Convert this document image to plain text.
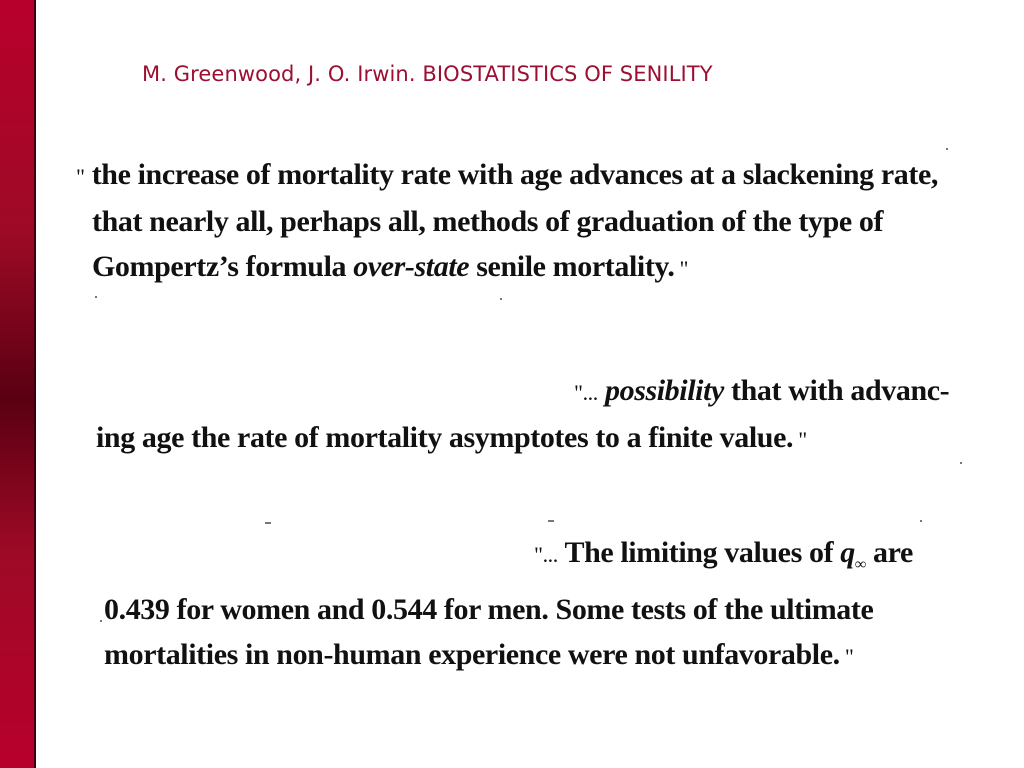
M. Greenwood, J. O. Irwin. BIOSTATISTICS OF SENILITY
" the increase of mortality rate with age advances at a slackening rate,
that nearly all, perhaps all, methods of graduation of the type of
Gompertz’s formula over-state senile mortality. "
"... possibility that with advanc-
ing age the rate of mortality asymptotes to a finite value. "
"... The limiting values of $q_\infty$ are
0.439 for women and 0.544 for men. Some tests of the ultimate
mortalities in non-human experience were not unfavorable. "
